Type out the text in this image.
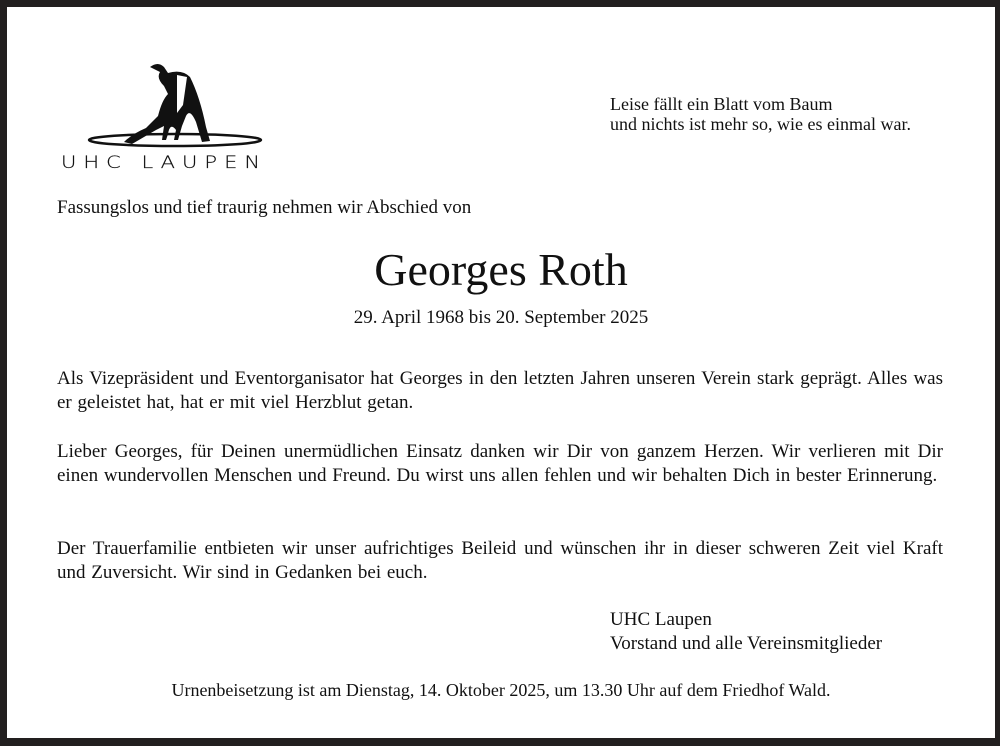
UHC LAUPEN
Leise fällt ein Blatt vom Baum
und nichts ist mehr so, wie es einmal war.
Fassungslos und tief traurig nehmen wir Abschied von
Georges Roth
29. April 1968 bis 20. September 2025
Als Vizepräsident und Eventorganisator hat Georges in den letzten Jahren unseren Verein stark geprägt. Alles was er geleistet hat, hat er mit viel Herzblut getan.
Lieber Georges, für Deinen unermüdlichen Einsatz danken wir Dir von ganzem Herzen. Wir verlieren mit Dir einen wundervollen Menschen und Freund. Du wirst uns allen fehlen und wir behalten Dich in bester Erinnerung.
Der Trauerfamilie entbieten wir unser aufrichtiges Beileid und wünschen ihr in dieser schweren Zeit viel Kraft und Zuversicht. Wir sind in Gedanken bei euch.
UHC Laupen
Vorstand und alle Vereinsmitglieder
Urnenbeisetzung ist am Dienstag, 14. Oktober 2025, um 13.30 Uhr auf dem Friedhof Wald.
